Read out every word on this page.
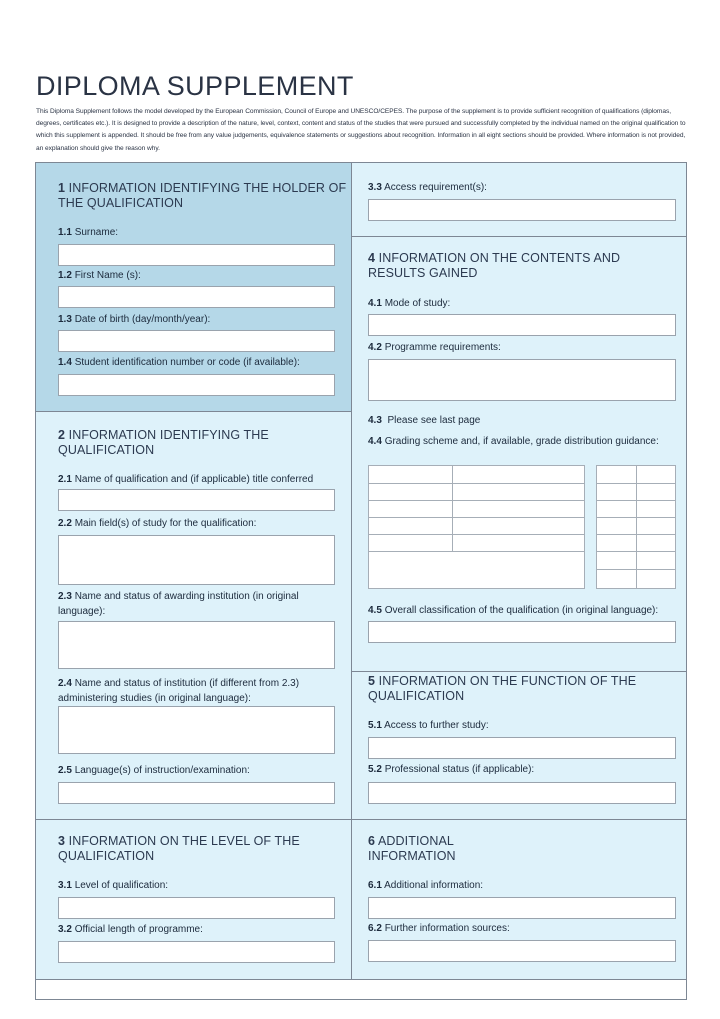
DIPLOMA SUPPLEMENT
This Diploma Supplement follows the model developed by the European Commission, Council of Europe and UNESCO/CEPES. The purpose of the supplement is to provide sufficient recognition of qualifications (diplomas, degrees, certificates etc.). It is designed to provide a description of the nature, level, context, content and status of the studies that were pursued and successfully completed by the individual named on the original qualification to which this supplement is appended. It should be free from any value judgements, equivalence statements or suggestions about recognition. Information in all eight sections should be provided. Where information is not provided, an explanation should give the reason why.
1 INFORMATION IDENTIFYING THE HOLDER OF THE QUALIFICATION
1.1 Surname:
1.2 First Name (s):
1.3 Date of birth (day/month/year):
1.4 Student identification number or code (if available):
2 INFORMATION IDENTIFYING THE QUALIFICATION
2.1 Name of qualification and (if applicable) title conferred
2.2 Main field(s) of study for the qualification:
2.3 Name and status of awarding institution (in original language):
2.4 Name and status of institution (if different from 2.3) administering studies (in original language):
2.5 Language(s) of instruction/examination:
3 INFORMATION ON THE LEVEL OF THE QUALIFICATION
3.1 Level of qualification:
3.2 Official length of programme:
3.3 Access requirement(s):
4 INFORMATION ON THE CONTENTS AND RESULTS GAINED
4.1 Mode of study:
4.2 Programme requirements:
4.3 Please see last page
4.4 Grading scheme and, if available, grade distribution guidance:

4.5 Overall classification of the qualification (in original language):
5 INFORMATION ON THE FUNCTION OF THE QUALIFICATION
5.1 Access to further study:
5.2 Professional status (if applicable):
6 ADDITIONAL INFORMATION
6.1 Additional information:
6.2 Further information sources:
